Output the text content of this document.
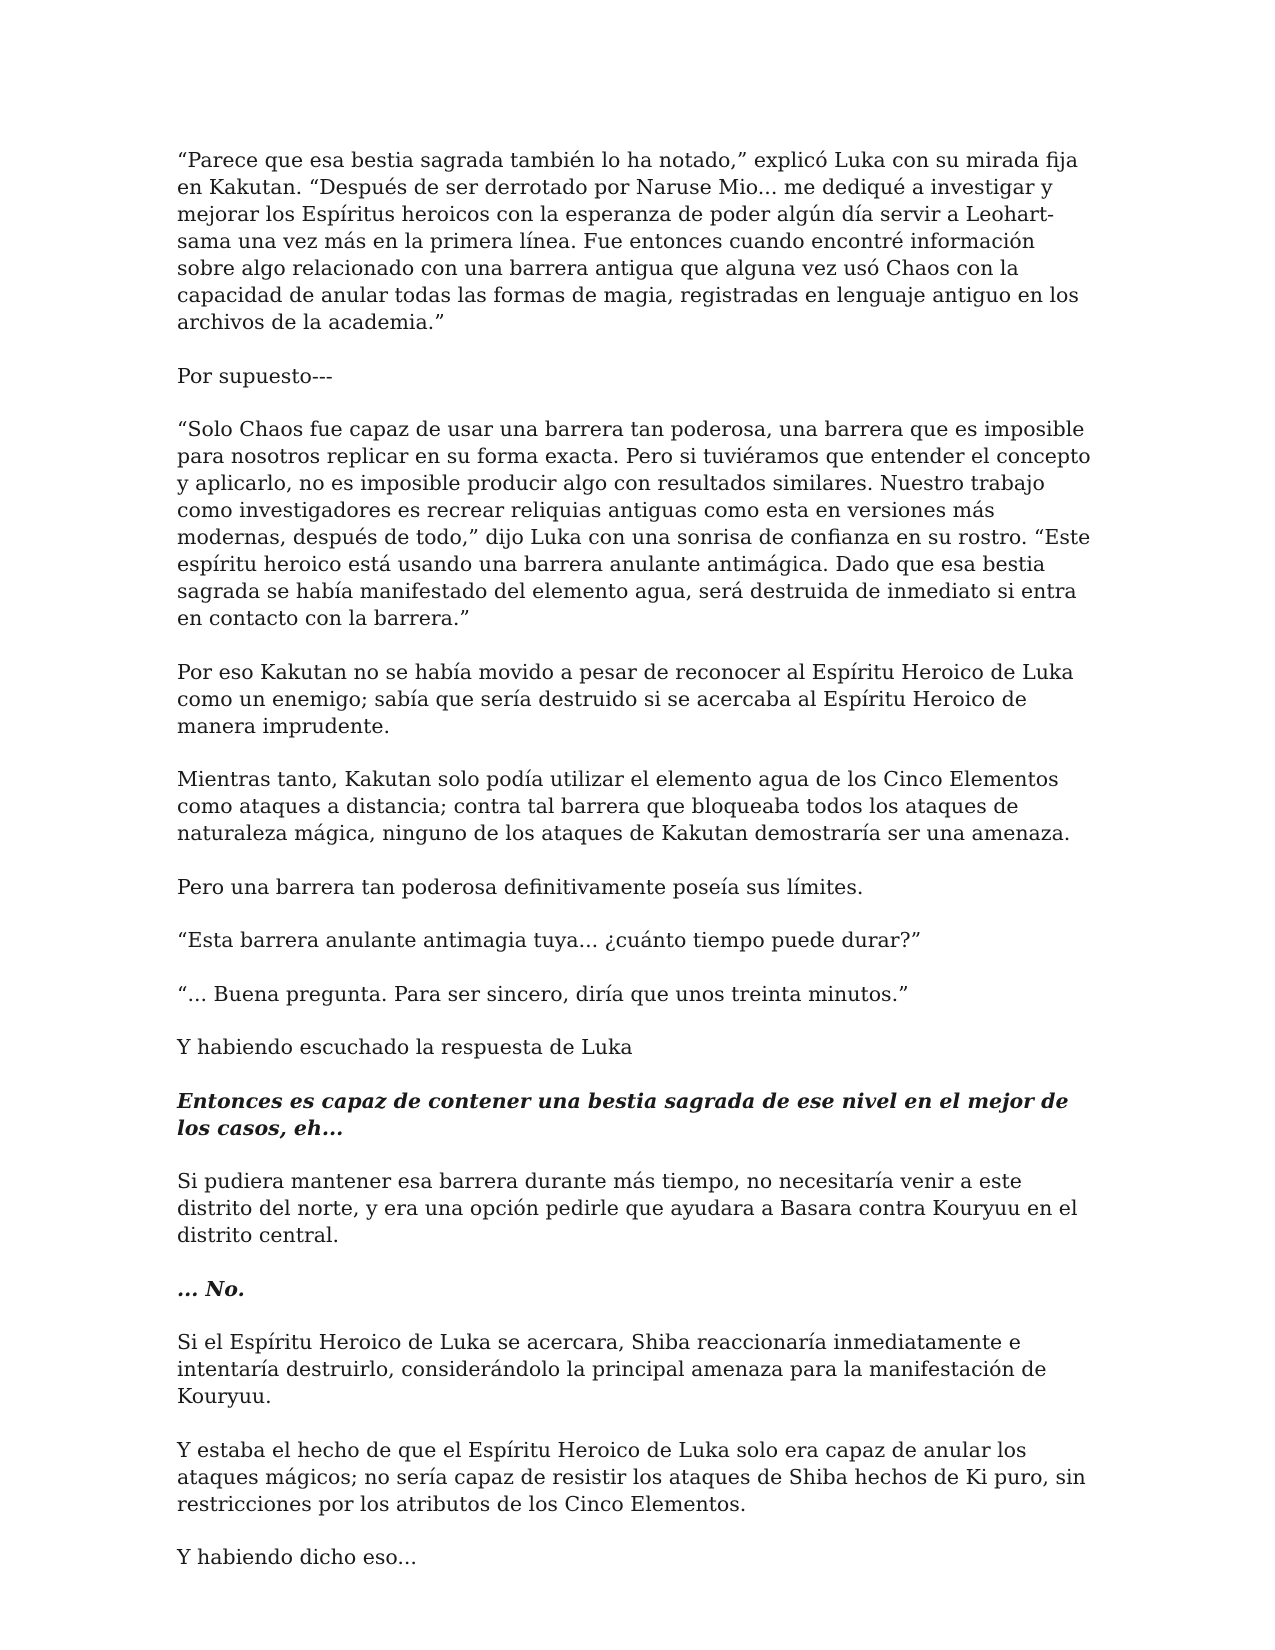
“Parece que esa bestia sagrada también lo ha notado,” explicó Luka con su mirada fija en Kakutan. “Después de ser derrotado por Naruse Mio... me dediqué a investigar y mejorar los Espíritus heroicos con la esperanza de poder algún día servir a Leohart-sama una vez más en la primera línea. Fue entonces cuando encontré información sobre algo relacionado con una barrera antigua que alguna vez usó Chaos con la capacidad de anular todas las formas de magia, registradas en lenguaje antiguo en los archivos de la academia.”

Por supuesto---

“Solo Chaos fue capaz de usar una barrera tan poderosa, una barrera que es imposible para nosotros replicar en su forma exacta. Pero si tuviéramos que entender el concepto y aplicarlo, no es imposible producir algo con resultados similares. Nuestro trabajo como investigadores es recrear reliquias antiguas como esta en versiones más modernas, después de todo,” dijo Luka con una sonrisa de confianza en su rostro. “Este espíritu heroico está usando una barrera anulante antimágica. Dado que esa bestia sagrada se había manifestado del elemento agua, será destruida de inmediato si entra en contacto con la barrera.”

Por eso Kakutan no se había movido a pesar de reconocer al Espíritu Heroico de Luka como un enemigo; sabía que sería destruido si se acercaba al Espíritu Heroico de manera imprudente.

Mientras tanto, Kakutan solo podía utilizar el elemento agua de los Cinco Elementos como ataques a distancia; contra tal barrera que bloqueaba todos los ataques de naturaleza mágica, ninguno de los ataques de Kakutan demostraría ser una amenaza.

Pero una barrera tan poderosa definitivamente poseía sus límites.

“Esta barrera anulante antimagia tuya... ¿cuánto tiempo puede durar?”

“... Buena pregunta. Para ser sincero, diría que unos treinta minutos.”

Y habiendo escuchado la respuesta de Luka

Entonces es capaz de contener una bestia sagrada de ese nivel en el mejor de los casos, eh...

Si pudiera mantener esa barrera durante más tiempo, no necesitaría venir a este distrito del norte, y era una opción pedirle que ayudara a Basara contra Kouryuu en el distrito central.

... No.

Si el Espíritu Heroico de Luka se acercara, Shiba reaccionaría inmediatamente e intentaría destruirlo, considerándolo la principal amenaza para la manifestación de Kouryuu.

Y estaba el hecho de que el Espíritu Heroico de Luka solo era capaz de anular los ataques mágicos; no sería capaz de resistir los ataques de Shiba hechos de Ki puro, sin restricciones por los atributos de los Cinco Elementos.

Y habiendo dicho eso...
